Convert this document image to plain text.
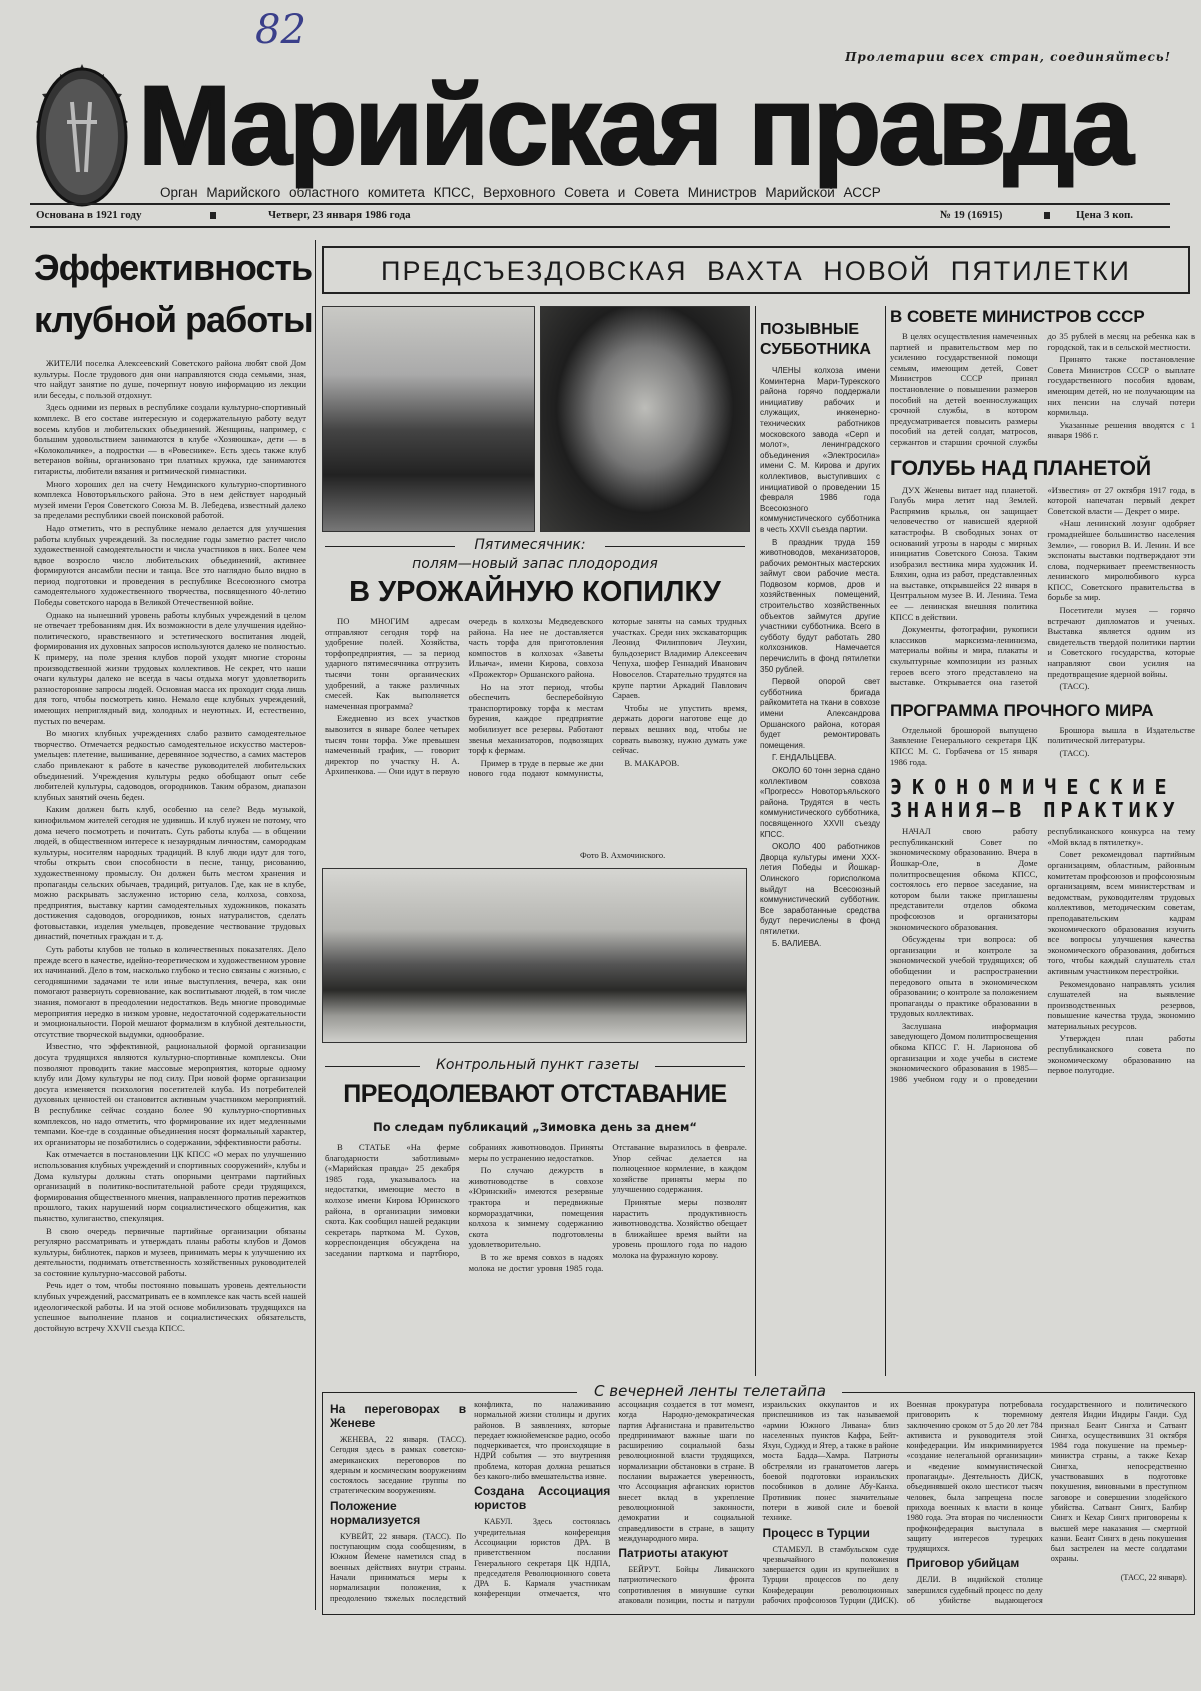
82
Пролетарии всех стран, соединяйтесь!
Марийская правда
Орган Марийского областного комитета КПСС, Верховного Совета и Совета Министров Марийской АССР
Основана в 1921 году	Четверг, 23 января 1986 года	№ 19 (16915)	Цена 3 коп.
Эффективность
клубной работы

ЖИТЕЛИ поселка Алексеевский Советского района любят свой Дом культуры. После трудового дня они направляются сюда семьями, зная, что найдут занятие по душе, почерпнут новую информацию из лекции или беседы, с пользой отдохнут.

Здесь одними из первых в республике создали культурно-спортивный комплекс. В его составе интересную и содержательную работу ведут восемь клубов и любительских объединений. Женщины, например, с большим удовольствием занимаются в клубе «Хозяюшка», дети — в «Колокольчике», а подростки — в «Ровеснике». Есть здесь также клуб ветеранов войны, организовано три платных кружка, где занимаются гитаристы, любители вязания и ритмической гимнастики.

Много хороших дел на счету Немдинского культурно-спортивного комплекса Новоторъяльского района. Это в нем действует народный музей имени Героя Советского Союза М. В. Лебедева, известный далеко за пределами республики своей поисковой работой.

Надо отметить, что в республике немало делается для улучшения работы клубных учреждений. За последние годы заметно растет число художественной самодеятельности и числа участников в них. Более чем вдвое возросло число любительских объединений, активнее формируются ансамбли песни и танца. Все это наглядно было видно в период подготовки и проведения в республике Всесоюзного смотра самодеятельного художественного творчества, посвященного 40-летию Победы советского народа в Великой Отечественной войне.

Однако на нынешний уровень работы клубных учреждений в целом не отвечает требованиям дня. Их возможности в деле улучшения идейно-политического, нравственного и эстетического воспитания людей, формирования их духовных запросов используются далеко не полностью. К примеру, на поле зрения клубов порой уходят многие стороны производственной жизни трудовых коллективов. Не секрет, что наши очаги культуры далеко не всегда в часы отдыха могут удовлетворить разносторонние запросы людей. Основная масса их проходит сюда лишь для того, чтобы посмотреть кино. Немало еще клубных учреждений, имеющих неприглядный вид, холодных и неуютных. И, естественно, пустых по вечерам.

Во многих клубных учреждениях слабо развито самодеятельное творчество. Отмечается редкостью самодеятельное искусство мастеров-умельцев: плетение, вышивание, деревянное зодчество, а самих мастеров слабо привлекают к работе в качестве руководителей любительских объединений. Учреждения культуры редко обобщают опыт себе любителей культуры, садоводов, огородников. Таким образом, диапазон клубных занятий очень беден.

Каким должен быть клуб, особенно на селе? Ведь музыкой, кинофильмом жителей сегодня не удивишь. И клуб нужен не потому, что дома нечего посмотреть и почитать. Суть работы клуба — в общении людей, в общественном интересе к незаурядным личностям, самородкам культуры, носителям народных традиций. В клуб люди идут для того, чтобы открыть свои способности в песне, танцу, рисованию, художественному промыслу. Он должен быть местом хранения и пропаганды сельских обычаев, традиций, ритуалов. Где, как не в клубе, можно раскрывать заслуженно историю села, колхоза, совхоза, предприятия, выставку картин самодеятельных художников, показать достижения садоводов, огородников, юных натуралистов, сделать фотовыставки, изделия умельцев, проведение чествование трудовых династий, почетных граждан и т. д.

Суть работы клубов не только в количественных показателях. Дело прежде всего в качестве, идейно-теоретическом и художественном уровне их начинаний. Дело в том, насколько глубоко и тесно связаны с жизнью, с сегодняшними задачами те или иные выступления, вечера, как они помогают развернуть соревнование, как воспитывают людей, в том числе знания, помогают в преодолении недостатков. Ведь многие проводимые мероприятия нередко в низком уровне, недостаточной содержательности и эмоциональности. Порой мешают формализм в клубной деятельности, отсутствие творческой выдумки, однообразие.

Известно, что эффективной, рациональной формой организации досуга трудящихся являются культурно-спортивные комплексы. Они позволяют проводить такие массовые мероприятия, которые одному клубу или Дому культуры не под силу. При новой форме организации досуга изменяется психология посетителей клуба. Из потребителей духовных ценностей он становится активным участником мероприятий. В республике сейчас создано более 90 культурно-спортивных комплексов, но надо отметить, что формирование их идет медленными темпами. Кое-где в созданные объединения носят формальный характер, их организаторы не позаботились о содержании, эффективности работы.

Как отмечается в постановлении ЦК КПСС «О мерах по улучшению использования клубных учреждений и спортивных сооружений», клубы и Дома культуры должны стать опорными центрами партийных организаций в политико-воспитательной работе среди трудящихся, формирования общественного мнения, направленного против пережитков прошлого, таких нарушений норм социалистического общежития, как пьянство, хулиганство, спекуляция.

В свою очередь первичные партийные организации обязаны регулярно рассматривать и утверждать планы работы клубов и Домов культуры, библиотек, парков и музеев, принимать меры к улучшению их деятельности, поднимать ответственность хозяйственных руководителей за состояние культурно-массовой работы.

Речь идет о том, чтобы постоянно повышать уровень деятельности клубных учреждений, рассматривать ее в комплексе как часть всей нашей идеологической работы. И на этой основе мобилизовать трудящихся на успешное выполнение планов и социалистических обязательств, достойную встречу XXVII съезда КПСС.

ПРЕДСЪЕЗДОВСКАЯ ВАХТА НОВОЙ ПЯТИЛЕТКИ
ПОЗЫВНЫЕ
СУББОТНИКА

ЧЛЕНЫ колхоза имени Коминтерна Мари-Турекского района горячо поддержали инициативу рабочих и служащих, инженерно-технических работников московского завода «Серп и молот», ленинградского объединения «Электросила» имени С. М. Кирова и других коллективов, выступивших с инициативой о проведении 15 февраля 1986 года Всесоюзного коммунистического субботника в честь XXVII съезда партии.

В праздник труда 159 животноводов, механизаторов, рабочих ремонтных мастерских займут свои рабочие места. Подвозом кормов, дров и хозяйственных помещений, строительство хозяйственных объектов займутся другие участники субботника. Всего в субботу будут работать 280 колхозников. Намечается перечислить в фонд пятилетки 350 рублей.

Первой опорой свет субботника бригада райкомитета на ткани в совхозе имени Александрова Оршанского района, которая будет ремонтировать помещения.

Г. ЕНДАЛЬЦЕВА.

ОКОЛО 60 тонн зерна сдано коллективом совхоза «Прогресс» Новоторъяльского района. Трудятся в честь коммунистического субботника, посвященного XXVII съезду КПСС.

ОКОЛО 400 работников Дворца культуры имени XXX-летия Победы и Йошкар-Олинского горисполкома выйдут на Всесоюзный коммунистический субботник. Все заработанные средства будут перечислены в фонд пятилетки.

Б. ВАЛИЕВА.

Пятимесячник:
полям—новый запас плодородия
В УРОЖАЙНУЮ КОПИЛКУ

ПО МНОГИМ адресам отправляют сегодня торф на удобрение полей. Хозяйства, торфопредприятия, — за период ударного пятимесячника отгрузить тысячи тонн органических удобрений, а также различных смесей. Как выполняется намеченная программа?

Ежедневно из всех участков вывозится в январе более четырех тысяч тонн торфа. Уже превышен намеченный график, — говорит директор по участку Н. А. Архипенкова. — Они идут в первую очередь в колхозы Медведевского района. На нее не доставляется часть торфа для приготовления компостов в колхозах «Заветы Ильича», имени Кирова, совхоза «Прожектор» Оршанского района.

Но на этот период, чтобы обеспечить бесперебойную транспортировку торфа к местам бурения, каждое предприятие мобилизует все резервы. Работают звенья механизаторов, подвозящих торф к фермам.

Пример в труде в первые же дни нового года подают коммунисты, которые заняты на самых трудных участках. Среди них экскаваторщик Леонид Филиппович Леухин, бульдозерист Владимир Алексеевич Чепуха, шофер Геннадий Иванович Новоселов. Старательно трудятся на крупе партии Аркадий Павлович Сараев.

Чтобы не упустить время, держать дороги наготове еще до первых вешних вод, чтобы не сорвать вывозку, нужно думать уже сейчас.

В. МАКАРОВ.

Фото В. Ахмочинского.
Контрольный пункт газеты
ПРЕОДОЛЕВАЮТ ОТСТАВАНИЕ
По следам публикаций „Зимовка день за днем“

В СТАТЬЕ «На ферме благодарности заботливым» («Марийская правда» 25 декабря 1985 года, указывалось на недостатки, имеющие место в колхозе имени Кирова Юринского района, в организации зимовки скота. Как сообщил нашей редакции секретарь парткома М. Сухов, корреспонденция обсуждена на заседании парткома и партбюро, собраниях животноводов. Приняты меры по устранению недостатков.

По случаю дежурств в животноводстве в совхозе «Юринский» имеются резервные трактора и передвижные кормораздатчики, помещения колхоза к зимнему содержанию скота подготовлены удовлетворительно.

В то же время совхоз в надоях молока не достиг уровня 1985 года. Отставание выразилось в феврале. Упор сейчас делается на полноценное кормление, в каждом хозяйстве приняты меры по улучшению содержания.

Принятые меры позволят нарастить продуктивность животноводства. Хозяйство обещает в ближайшее время выйти на уровень прошлого года по надою молока на фуражную корову.

В СОВЕТЕ МИНИСТРОВ СССР

В целях осуществления намеченных партией и правительством мер по усилению государственной помощи семьям, имеющим детей, Совет Министров СССР принял постановление о повышении размеров пособий на детей военнослужащих срочной службы, в котором предусматривается повысить размеры пособий на детей солдат, матросов, сержантов и старшин срочной службы до 35 рублей в месяц на ребенка как в городской, так и в сельской местности.

Принято также постановление Совета Министров СССР о выплате государственного пособия вдовам, имеющим детей, но не получающим на них пенсии на случай потери кормильца.

Указанные решения вводятся с 1 января 1986 г.

ГОЛУБЬ НАД ПЛАНЕТОЙ

ДУХ Женевы витает над планетой. Голубь мира летит над Землей. Распрямив крылья, он защищает человечество от нависшей ядерной катастрофы. В свободных зонах от оснований угрозы в народы с мирных инициатив Советского Союза. Таким изобразил вестника мира художник И. Бляхин, одна из работ, представленных на выставке, открывшейся 22 января в Центральном музее В. И. Ленина. Тема ее — ленинская внешняя политика КПСС в действии.

Документы, фотографии, рукописи классиков марксизма-ленинизма, материалы войны и мира, плакаты и скульптурные композиции из разных героев всего этого представлено на выставке. Открывается она газетой «Известия» от 27 октября 1917 года, в которой напечатан первый декрет Советской власти — Декрет о мире.

«Наш ленинский лозунг одобряет громаднейшее большинство населения Земли», — говорил В. И. Ленин. И все экспонаты выставки подтверждают эти слова, подчеркивает преемственность ленинского миролюбивого курса КПСС, Советского правительства в борьбе за мир.

Посетители музея — горячо встречают дипломатов и ученых. Выставка является одним из свидетельств твердой политики партии и Советского государства, которые направляют свои усилия на предотвращение ядерной войны.

(ТАСС).

ПРОГРАММА ПРОЧНОГО МИРА

Отдельной брошюрой выпущено Заявление Генерального секретаря ЦК КПСС М. С. Горбачева от 15 января 1986 года.

Брошюра вышла в Издательстве политической литературы.

(ТАСС).

ЭКОНОМИЧЕСКИЕ
ЗНАНИЯ—В ПРАКТИКУ

НАЧАЛ свою работу республиканский Совет по экономическому образованию. Вчера в Йошкар-Оле, в Доме политпросвещения обкома КПСС, состоялось его первое заседание, на котором были также приглашены представители отделов обкома профсоюзов и организаторы экономического образования.

Обсуждены три вопроса: об организации и контроле за экономической учебой трудящихся; об обобщении и распространении передового опыта в экономическом образовании; о контроле за положением пропаганды о практике образовании в трудовых коллективах.

Заслушана информация заведующего Домом политпросвещения обкома КПСС Г. Н. Ларионова об организации и ходе учебы в системе экономического образования в 1985—1986 учебном году и о проведении республиканского конкурса на тему «Мой вклад в пятилетку».

Совет рекомендовал партийным организациям, областным, районным комитетам профсоюзов и профсоюзным организациям, всем министерствам и ведомствам, руководителям трудовых коллективов, методическим советам, преподавательским кадрам экономического образования изучить все вопросы улучшения качества экономического образования, добиться того, чтобы каждый слушатель стал активным участником перестройки.

Рекомендовано направлять усилия слушателей на выявление производственных резервов, повышение качества труда, экономию материальных ресурсов.

Утвержден план работы республиканского совета по экономическому образованию на первое полугодие.

С вечерней ленты телетайпа
На переговорах в Женеве

ЖЕНЕВА, 22 января. (ТАСС). Сегодня здесь в рамках советско-американских переговоров по ядерным и космическим вооружениям состоялось заседание группы по стратегическим вооружениям.

Положение нормализуется

КУВЕЙТ, 22 января. (ТАСС). По поступающим сюда сообщениям, в Южном Йемене наметился спад в военных действиях внутри страны. Начали приниматься меры к нормализации положения, к преодолению тяжелых последствий конфликта, по налаживанию нормальной жизни столицы и других районов. В заявлениях, которые передает южнойеменское радио, особо подчеркивается, что происходящие в НДРЙ события — это внутренняя проблема, которая должна решаться без какого-либо вмешательства извне.

Создана Ассоциация юристов

КАБУЛ. Здесь состоялась учредительная конференция Ассоциации юристов ДРА. В приветственном послании Генерального секретаря ЦК НДПА, председателя Революционного совета ДРА Б. Кармаля участникам конференции отмечается, что ассоциация создается в тот момент, когда Народно-демократическая партия Афганистана и правительство предпринимают важные шаги по расширению социальной базы революционной власти трудящихся, нормализации обстановки в стране. В послании выражается уверенность, что Ассоциация афганских юристов внесет вклад в укрепление революционной законности, демократии и социальной справедливости в стране, в защиту международного мира.

Патриоты атакуют

БЕЙРУТ. Бойцы Ливанского патриотического фронта сопротивления в минувшие сутки атаковали позиции, посты и патрули израильских оккупантов и их приспешников из так называемой «армии Южного Ливана» близ населенных пунктов Кафра, Бейт-Яхун, Суджуд и Ятер, а также в районе моста Бадда—Хамра. Патриоты обстреляли из гранатометов лагерь боевой подготовки израильских пособников в долине Абу-Канха. Противник понес значительные потери в живой силе и боевой технике.

Процесс в Турции

СТАМБУЛ. В стамбульском суде чрезвычайного положения завершается один из крупнейших в Турции процессов по делу Конфедерации революционных рабочих профсоюзов Турции (ДИСК). Военная прокуратура потребовала приговорить к тюремному заключению сроком от 5 до 20 лет 784 активиста и руководителя этой конфедерации. Им инкриминируется «создание нелегальной организации» и «ведение коммунистической пропаганды». Деятельность ДИСК, объединявшей около шестисот тысяч человек, была запрещена после прихода военных к власти в конце 1980 года. Эта вторая по численности профконфедерация выступала в защиту интересов турецких трудящихся.

Приговор убийцам

ДЕЛИ. В индийской столице завершился судебный процесс по делу об убийстве выдающегося государственного и политического деятеля Индии Индиры Ганди. Суд признал Беант Сингха и Сатвант Сингха, осуществивших 31 октября 1984 года покушение на премьер-министра страны, а также Кехар Сингха, непосредственно участвовавших в подготовке покушения, виновными в преступном заговоре и совершении злодейского убийства. Сатвант Сингх, Балбир Сингх и Кехар Сингх приговорены к высшей мере наказания — смертной казни. Беант Сингх в день покушения был застрелен на месте солдатами охраны.

(ТАСС, 22 января).
